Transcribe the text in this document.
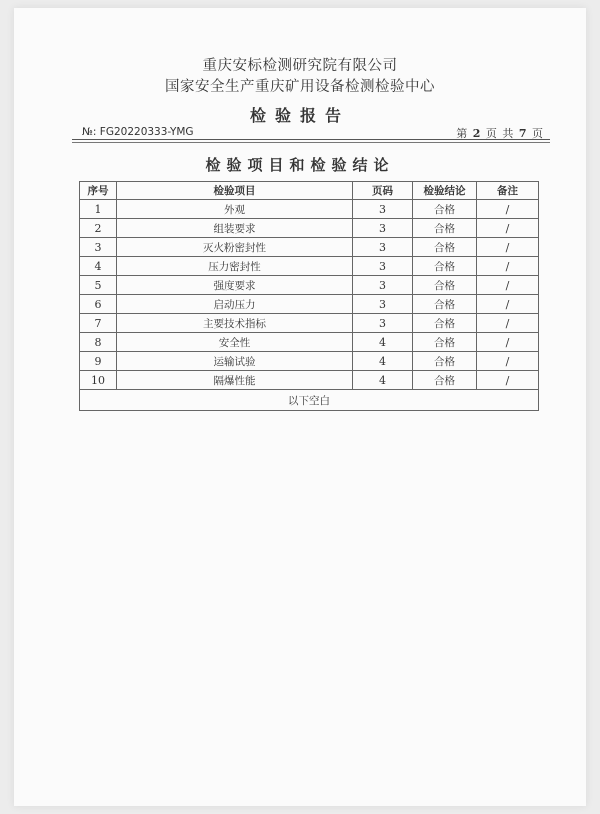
重庆安标检测研究院有限公司
国家安全生产重庆矿用设备检测检验中心
检验报告
№: FG20220333-YMG	第 2 页 共 7 页
检验项目和检验结论
序号	检验项目	页码	检验结论	备注
1	外观	3	合格	/
2	组装要求	3	合格	/
3	灭火粉密封性	3	合格	/
4	压力密封性	3	合格	/
5	强度要求	3	合格	/
6	启动压力	3	合格	/
7	主要技术指标	3	合格	/
8	安全性	4	合格	/
9	运输试验	4	合格	/
10	隔爆性能	4	合格	/
以下空白				
